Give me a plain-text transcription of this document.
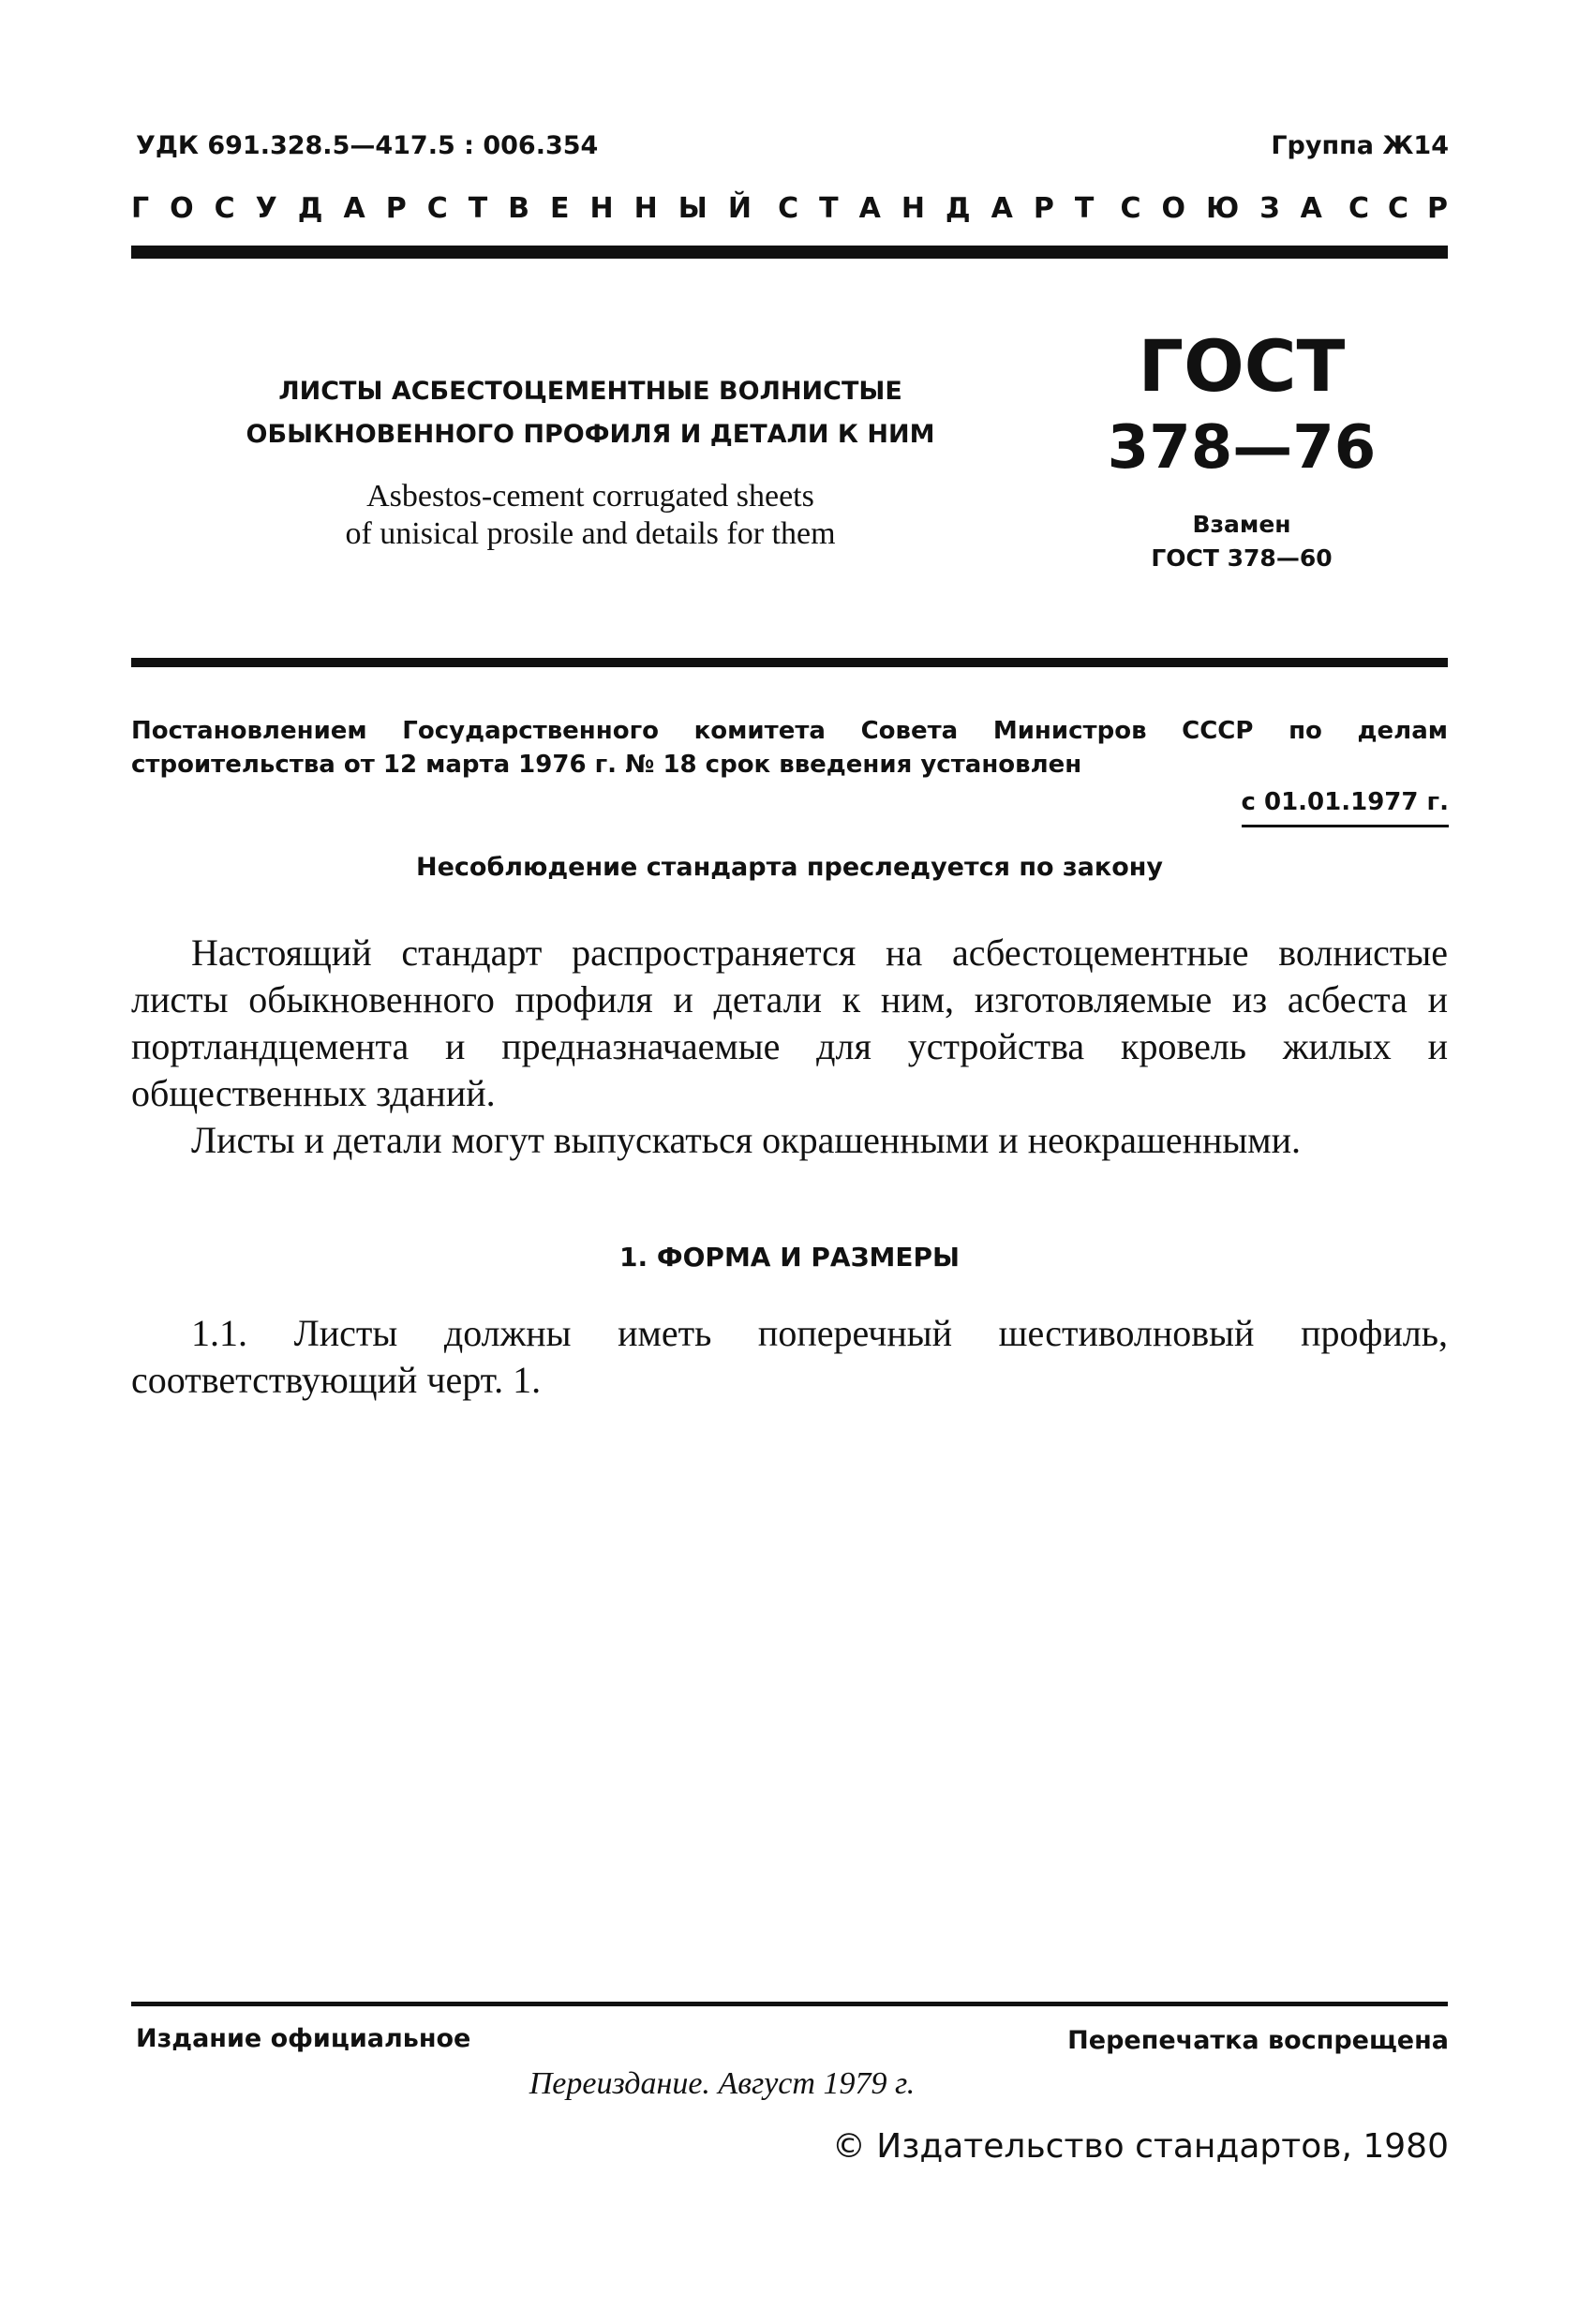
УДК 691.328.5—417.5 : 006.354	Группа Ж14
ГОСУДАРСТВЕННЫЙ СТАНДАРТ СОЮЗА ССР
ЛИСТЫ АСБЕСТОЦЕМЕНТНЫЕ ВОЛНИСТЫЕ
ОБЫКНОВЕННОГО ПРОФИЛЯ И ДЕТАЛИ К НИМ
Asbestos-cement corrugated sheets
of unisical prosile and details for them
ГОСТ
378—76
Взамен
ГОСТ 378—60
Постановлением Государственного комитета Совета Министров СССР по делам строительства от 12 марта 1976 г. № 18 срок введения установлен
с 01.01.1977 г.
Несоблюдение стандарта преследуется по закону

Настоящий стандарт распространяется на асбестоцементные волнистые листы обыкновенного профиля и детали к ним, изготовляемые из асбеста и портландцемента и предназначаемые для устройства кровель жилых и общественных зданий.

Листы и детали могут выпускаться окрашенными и неокрашенными.

1. ФОРМА И РАЗМЕРЫ

1.1. Листы должны иметь поперечный шестиволновый профиль, соответствующий черт. 1.

Издание официальное	Перепечатка воспрещена
Переиздание. Август 1979 г.
© Издательство стандартов, 1980
